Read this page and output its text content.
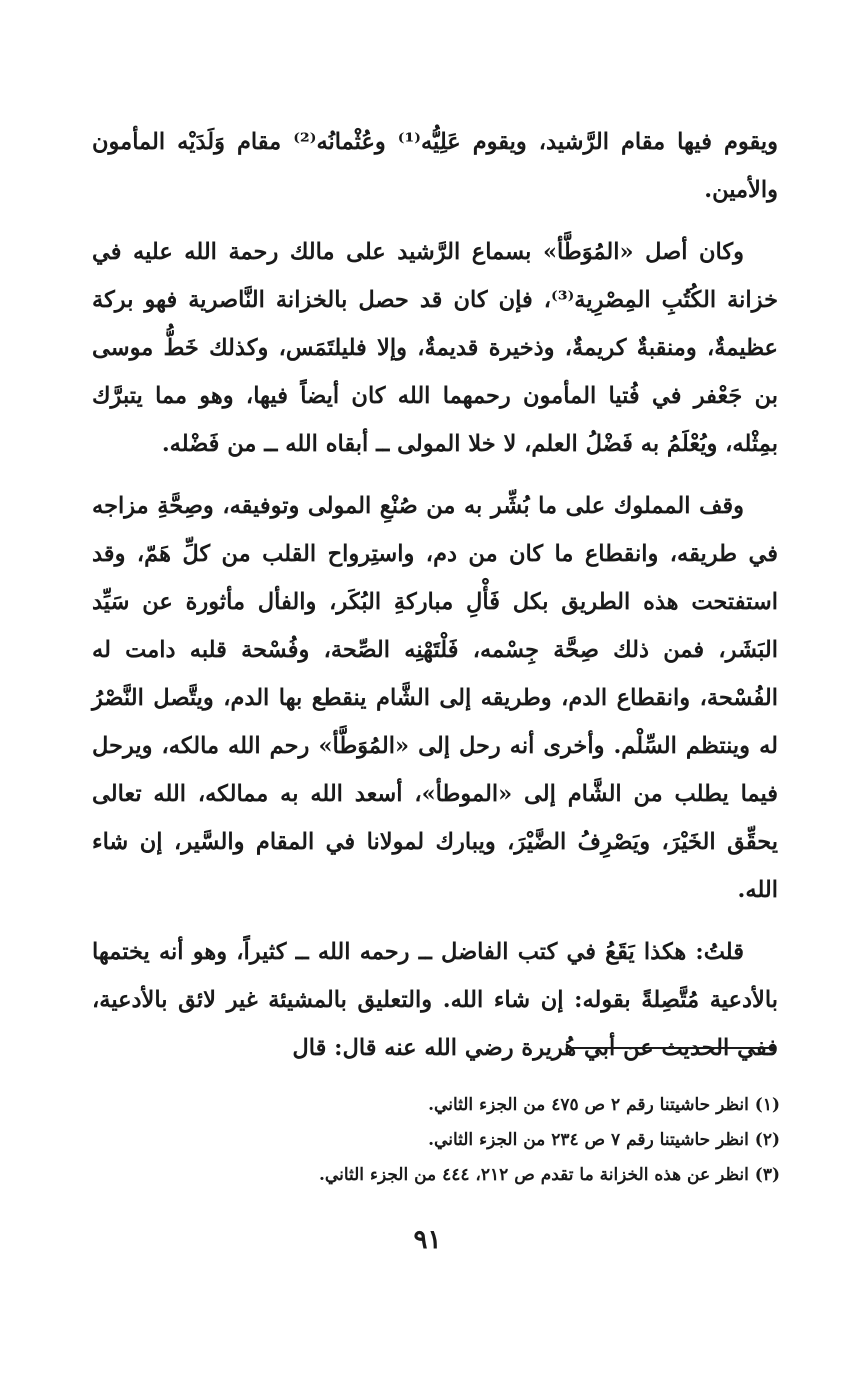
ويقوم فيها مقام الرَّشيد، ويقوم عَلِيُّه⁽¹⁾ وعُثْمانُه⁽²⁾ مقام وَلَدَيْه المأمون والأمين.

وكان أصل «المُوَطَّأ» بسماع الرَّشيد على مالك رحمة الله عليه في خزانة الكُتُبِ المِصْرِية⁽³⁾، فإن كان قد حصل بالخزانة النَّاصرية فهو بركة عظيمةٌ، ومنقبةٌ كريمةٌ، وذخيرة قديمةٌ، وإلا فليلتَمَس، وكذلك خَطُّ موسى بن جَعْفر في فُتيا المأمون رحمهما الله كان أيضاً فيها، وهو مما يتبرَّك بمِثْله، ويُعْلَمُ به فَضْلُ العلم، لا خلا المولى ــ أبقاه الله ــ من فَضْله.

وقف المملوك على ما بُشِّر به من صُنْعِ المولى وتوفيقه، وصِحَّةِ مزاجه في طريقه، وانقطاع ما كان من دم، واستِرواح القلب من كلِّ هَمّ، وقد استفتحت هذه الطريق بكل فَأْلِ مباركةِ البُكَر، والفأل مأثورة عن سَيِّد البَشَر، فمن ذلك صِحَّة جِسْمه، فَلْتَهْنِه الصِّحة، وفُسْحة قلبه دامت له الفُسْحة، وانقطاع الدم، وطريقه إلى الشَّام ينقطع بها الدم، ويتَّصل النَّصْرُ له وينتظم السِّلْم. وأخرى أنه رحل إلى «المُوَطَّأ» رحم الله مالكه، ويرحل فيما يطلب من الشَّام إلى «الموطأ»، أسعد الله به ممالكه، الله تعالى يحقِّق الخَيْرَ، ويَصْرِفُ الضَّيْرَ، ويبارك لمولانا في المقام والسَّير، إن شاء الله.

قلتُ: هكذا يَقَعُ في كتب الفاضل ــ رحمه الله ــ كثيراً، وهو أنه يختمها بالأدعية مُتَّصِلةً بقوله: إن شاء الله. والتعليق بالمشيئة غير لائق بالأدعية، ففي الحديث عن أبي هُريرة رضي الله عنه قال: قال

(١) انظر حاشيتنا رقم ٢ ص ٤٧٥ من الجزء الثاني.
(٢) انظر حاشيتنا رقم ٧ ص ٢٣٤ من الجزء الثاني.
(٣) انظر عن هذه الخزانة ما تقدم ص ٢١٢، ٤٤٤ من الجزء الثاني.
٩١
